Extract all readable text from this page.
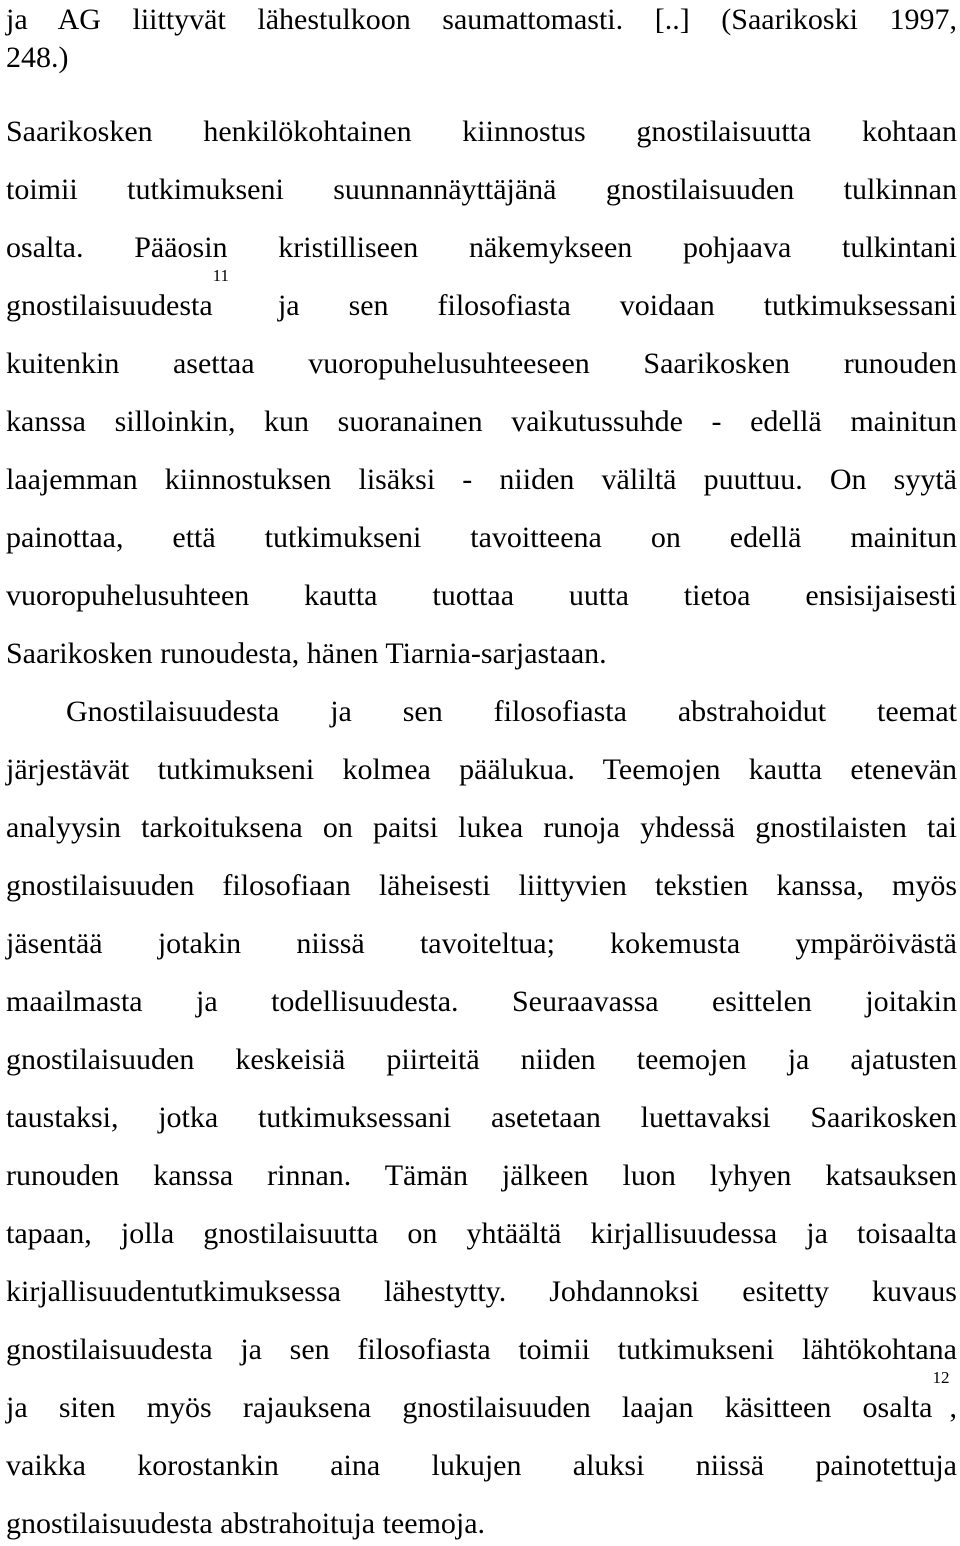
ja AG liittyvät lähestulkoon saumattomasti. [..] (Saarikoski 1997,
248.)
Saarikosken henkilökohtainen kiinnostus gnostilaisuutta kohtaan
toimii tutkimukseni suunnannäyttäjänä gnostilaisuuden tulkinnan
osalta. Pääosin kristilliseen näkemykseen pohjaava tulkintani
gnostilaisuudesta$^{11}$ ja sen filosofiasta voidaan tutkimuksessani
kuitenkin asettaa vuoropuhelusuhteeseen Saarikosken runouden
kanssa silloinkin, kun suoranainen vaikutussuhde - edellä mainitun
laajemman kiinnostuksen lisäksi - niiden väliltä puuttuu. On syytä
painottaa, että tutkimukseni tavoitteena on edellä mainitun
vuoropuhelusuhteen kautta tuottaa uutta tietoa ensisijaisesti
Saarikosken runoudesta, hänen Tiarnia-sarjastaan.
Gnostilaisuudesta ja sen filosofiasta abstrahoidut teemat
järjestävät tutkimukseni kolmea päälukua. Teemojen kautta etenevän
analyysin tarkoituksena on paitsi lukea runoja yhdessä gnostilaisten tai
gnostilaisuuden filosofiaan läheisesti liittyvien tekstien kanssa, myös
jäsentää jotakin niissä tavoiteltua; kokemusta ympäröivästä
maailmasta ja todellisuudesta. Seuraavassa esittelen joitakin
gnostilaisuuden keskeisiä piirteitä niiden teemojen ja ajatusten
taustaksi, jotka tutkimuksessani asetetaan luettavaksi Saarikosken
runouden kanssa rinnan. Tämän jälkeen luon lyhyen katsauksen
tapaan, jolla gnostilaisuutta on yhtäältä kirjallisuudessa ja toisaalta
kirjallisuudentutkimuksessa lähestytty. Johdannoksi esitetty kuvaus
gnostilaisuudesta ja sen filosofiasta toimii tutkimukseni lähtökohtana
ja siten myös rajauksena gnostilaisuuden laajan käsitteen osalta$^{12}$,
vaikka korostankin aina lukujen aluksi niissä painotettuja
gnostilaisuudesta abstrahoituja teemoja.
